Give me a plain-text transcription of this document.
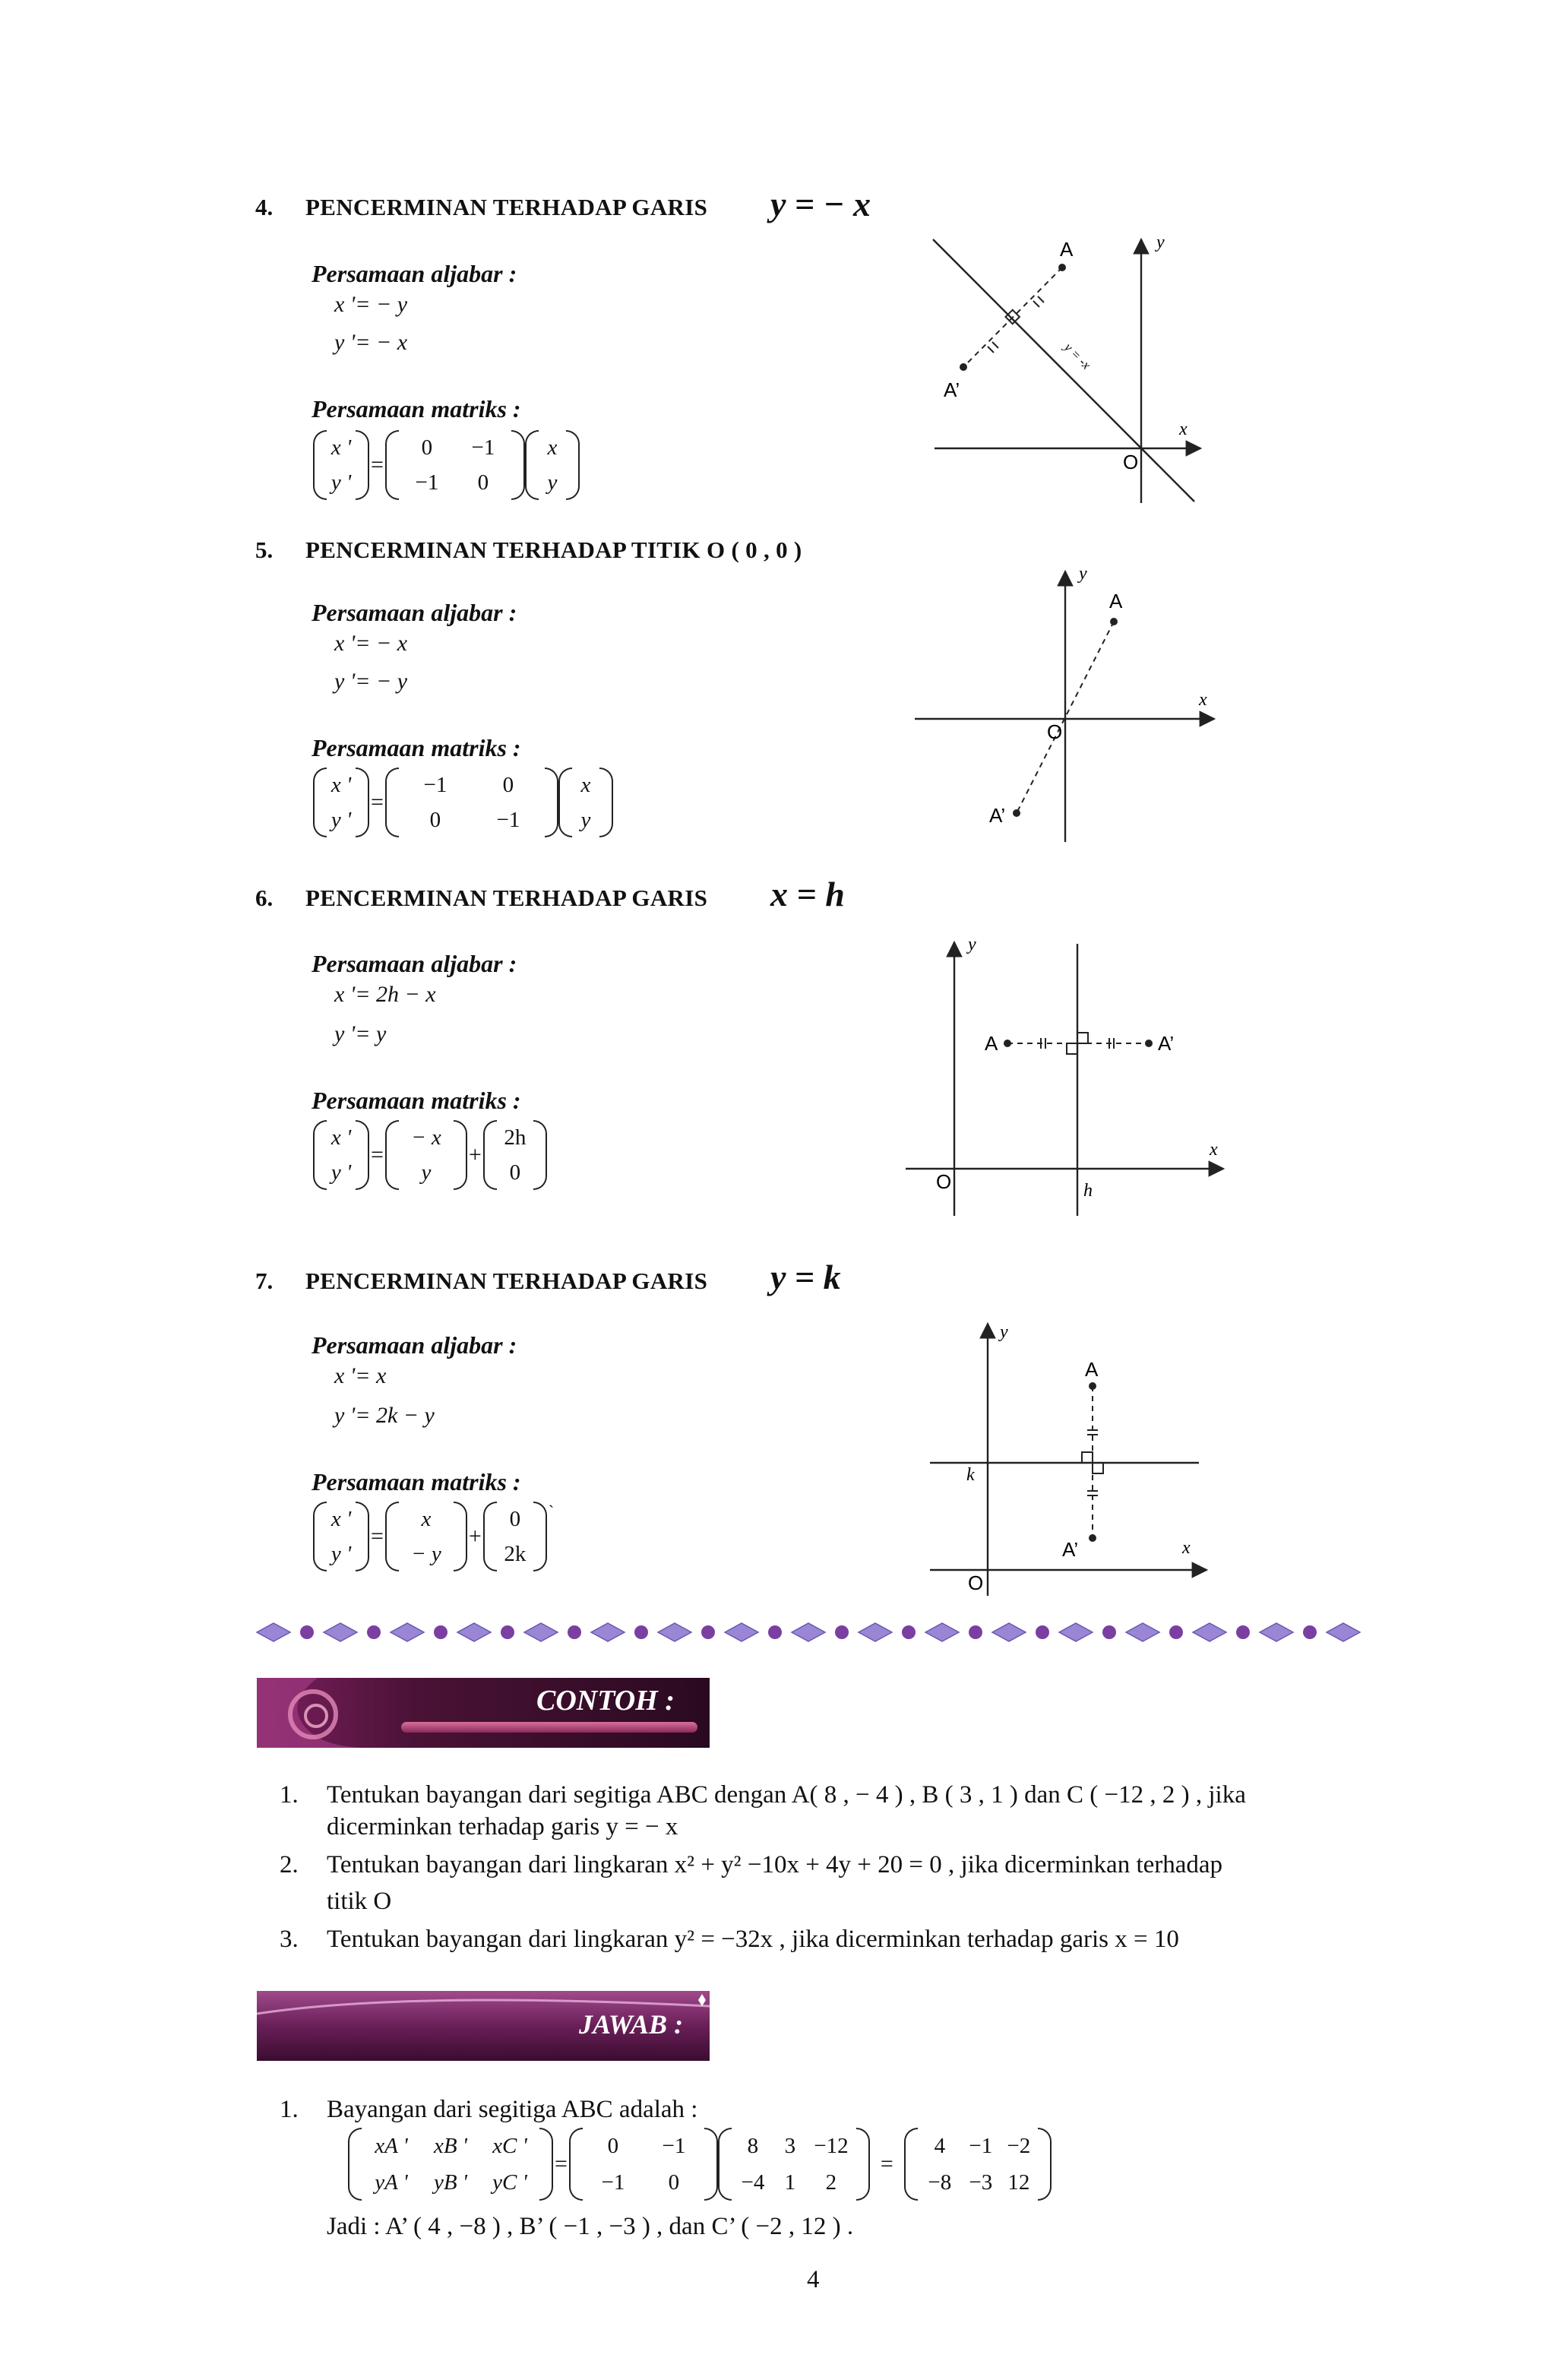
4. PENCERMINAN TERHADAP GARIS y = − x
Persamaan aljabar :
x '= − y
y '= − x
Persamaan matriks :
x '
y '
=
0 −1
−1 0
x
y
A
A’
O
x
y
y = -x
5. PENCERMINAN TERHADAP TITIK O ( 0 , 0 )
Persamaan aljabar :
x '= − x
y '= − y
Persamaan matriks :
x '
y '
=
−1	0
0	−1
x
y
A
A’
O
x
y
6. PENCERMINAN TERHADAP GARIS x = h
Persamaan aljabar :
x '= 2h − x
y '= y
Persamaan matriks :
x '
y '
=
− x
y
+
2h
0
A	A’
O
x
y
h
7. PENCERMINAN TERHADAP GARIS y = k
Persamaan aljabar :
x '= x
y '= 2k − y
Persamaan matriks :
x '
y '
=
x
− y
+
0
2k
`
A
A’
O
x
y
k
CONTOH :
1. Tentukan bayangan dari segitiga ABC dengan A( 8 , − 4 ) , B ( 3 , 1 ) dan C ( −12 , 2 ) , jika
dicerminkan terhadap garis y = − x
2. Tentukan bayangan dari lingkaran x² + y² −10x + 4y + 20 = 0 , jika dicerminkan terhadap
titik O
3. Tentukan bayangan dari lingkaran y² = −32x , jika dicerminkan terhadap garis x = 10
JAWAB :
1. Bayangan dari segitiga ABC adalah :
xA ' xB ' xC '
yA ' yB ' yC '
=
0 −1
−1 0
8 3 −12
−4 1 2
=
4 −1 −2
−8 −3 12
Jadi : A’ ( 4 , −8 ) , B’ ( −1 , −3 ) , dan C’ ( −2 , 12 ) .
4
